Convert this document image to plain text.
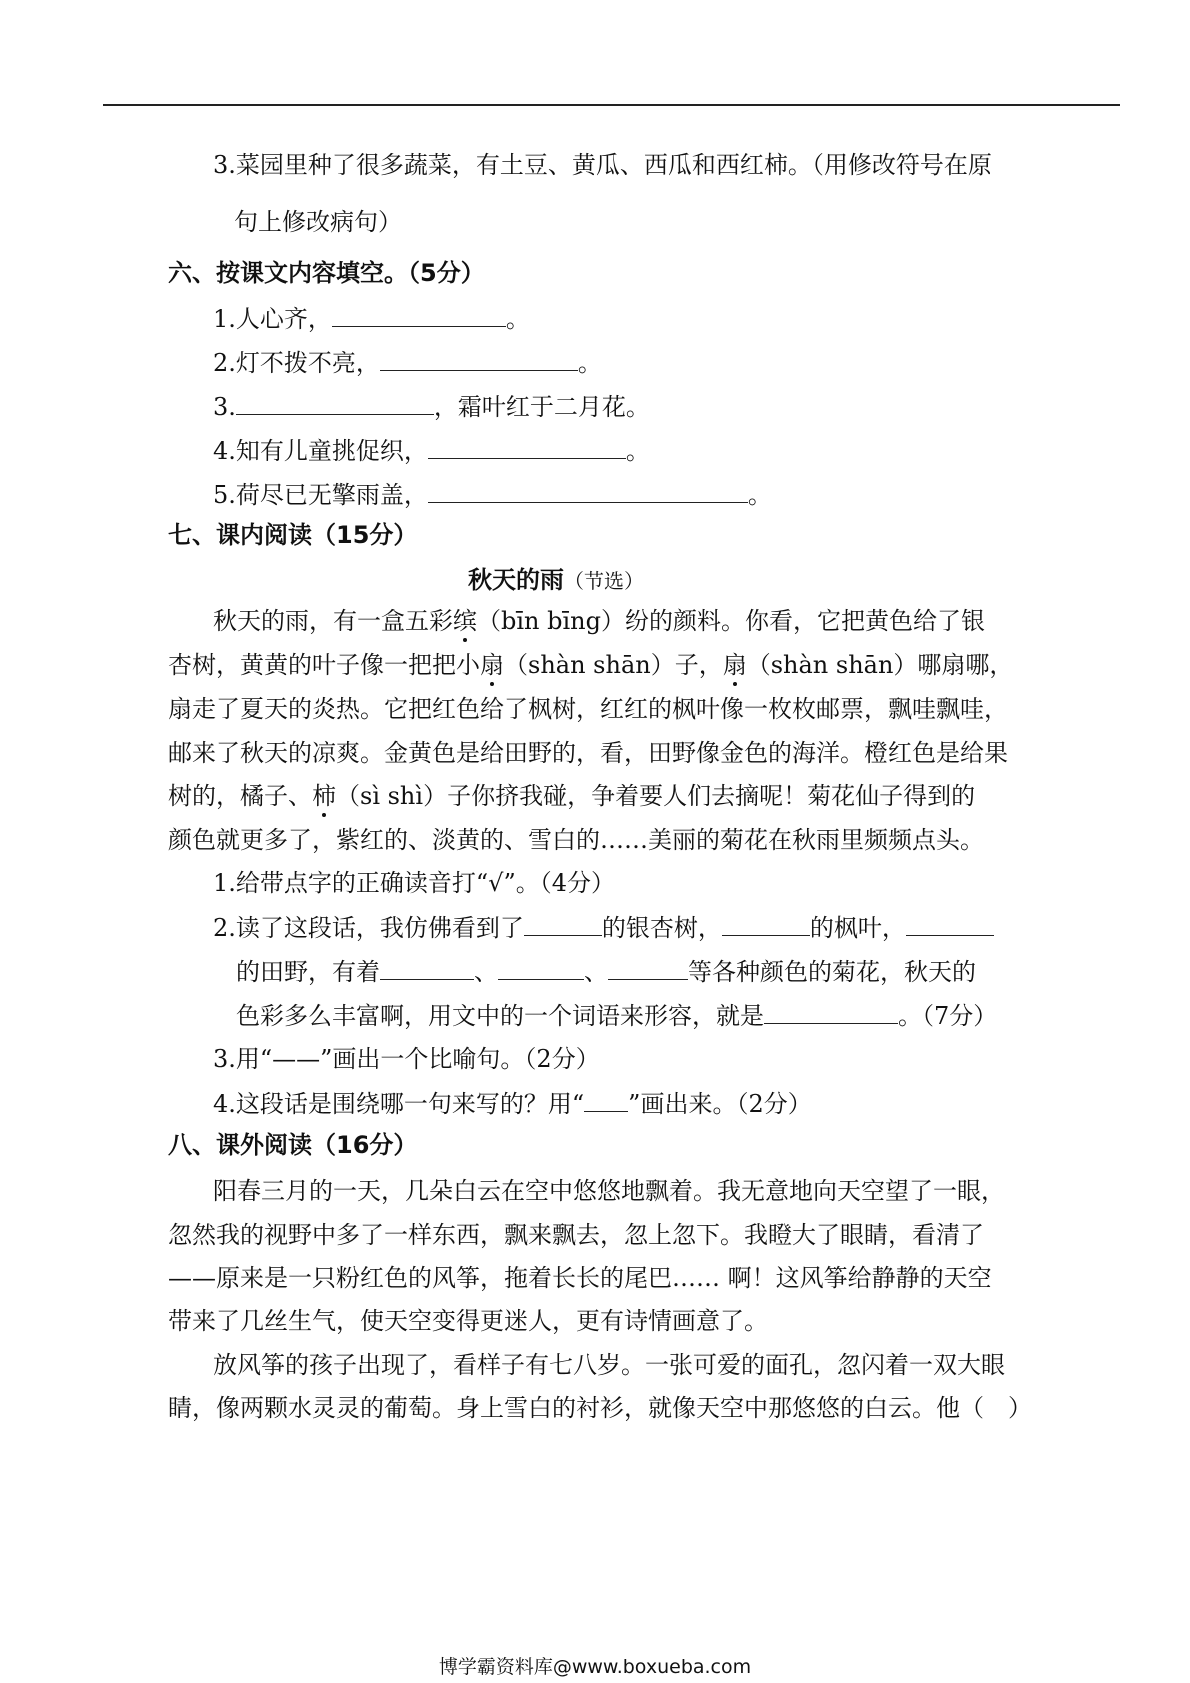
3.菜园里种了很多蔬菜，有土豆、黄瓜、西瓜和西红柿。（用修改符号在原
句上修改病句）
六、按课文内容填空。（5分）
1.人心齐，	。
2.灯不拨不亮，	。
3.	，霜叶红于二月花。
4.知有儿童挑促织，	。
5.荷尽已无擎雨盖，	。
七、课内阅读（15分）
秋天的雨（节选）
秋天的雨，有一盒五彩缤（bīn bīng）纷的颜料。你看，它把黄色给了银
杏树，黄黄的叶子像一把把小扇（shàn shān）子，扇（shàn shān）哪扇哪，
扇走了夏天的炎热。它把红色给了枫树，红红的枫叶像一枚枚邮票，飘哇飘哇，
邮来了秋天的凉爽。金黄色是给田野的，看，田野像金色的海洋。橙红色是给果
树的，橘子、柿（sì shì）子你挤我碰，争着要人们去摘呢！菊花仙子得到的
颜色就更多了，紫红的、淡黄的、雪白的……美丽的菊花在秋雨里频频点头。
1.给带点字的正确读音打“√”。（4分）
2.读了这段话，我仿佛看到了	的银杏树，	的枫叶，
的田野，有着	、	、	等各种颜色的菊花，秋天的
色彩多么丰富啊，用文中的一个词语来形容，就是	。（7分）
3.用“——”画出一个比喻句。（2分）
4.这段话是围绕哪一句来写的？用“ ”画出来。（2分）
八、课外阅读（16分）
阳春三月的一天，几朵白云在空中悠悠地飘着。我无意地向天空望了一眼，
忽然我的视野中多了一样东西，飘来飘去，忽上忽下。我瞪大了眼睛，看清了
——原来是一只粉红色的风筝，拖着长长的尾巴…… 啊！这风筝给静静的天空
带来了几丝生气，使天空变得更迷人，更有诗情画意了。
放风筝的孩子出现了，看样子有七八岁。一张可爱的面孔，忽闪着一双大眼
睛，像两颗水灵灵的葡萄。身上雪白的衬衫，就像天空中那悠悠的白云。他（　）
博学霸资料库@www.boxueba.com
